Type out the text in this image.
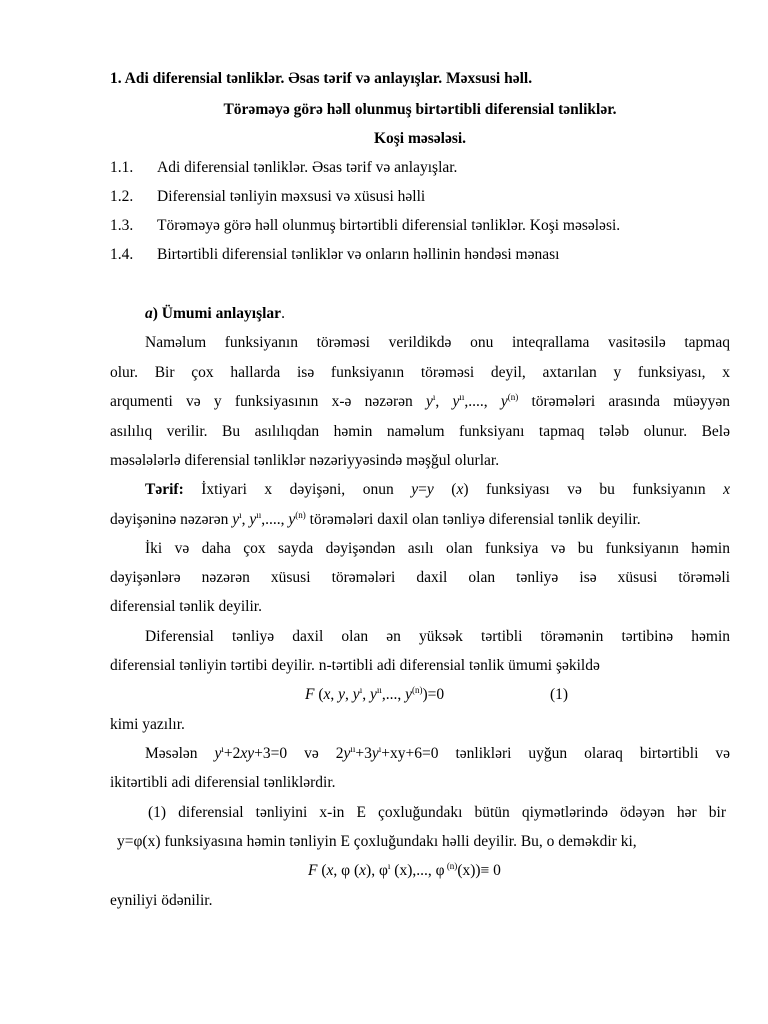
1. Adi diferensial tənliklər. Əsas tərif və anlayışlar. Məxsusi həll.

Törəməyə görə həll olunmuş birtərtibli diferensial tənliklər.

Koşi məsələsi.

1.1. Adi diferensial tənliklər. Əsas tərif və anlayışlar.
1.2. Diferensial tənliyin məxsusi və xüsusi həlli
1.3. Törəməyə görə həll olunmuş birtərtibli diferensial tənliklər. Koşi məsələsi.
1.4. Birtərtibli diferensial tənliklər və onların həllinin həndəsi mənası

a) Ümumi anlayışlar.

Naməlum funksiyanın törəməsi verildikdə onu inteqrallama vasitəsilə tapmaq

olur. Bir çox hallarda isə funksiyanın törəməsi deyil, axtarılan y funksiyası, x

arqumenti və y funksiyasının x-ə nəzərən $y^ı$, $y^{ıı}$,...., $y^{(n)}$ törəmələri arasında müəyyən

asılılıq verilir. Bu asılılıqdan həmin naməlum funksiyanı tapmaq tələb olunur. Belə

məsələlərlə diferensial tənliklər nəzəriyyəsində məşğul olurlar.

Tərif: İxtiyari x dəyişəni, onun y=y (x) funksiyası və bu funksiyanın x

dəyişəninə nəzərən $y^ı$, $y^{ıı}$,...., $y^{(n)}$ törəmələri daxil olan tənliyə diferensial tənlik deyilir.

İki və daha çox sayda dəyişəndən asılı olan funksiya və bu funksiyanın həmin

dəyişənlərə nəzərən xüsusi törəmələri daxil olan tənliyə isə xüsusi törəməli

diferensial tənlik deyilir.

Diferensial tənliyə daxil olan ən yüksək tərtibli törəmənin tərtibinə həmin

diferensial tənliyin tərtibi deyilir. n-tərtibli adi diferensial tənlik ümumi şəkildə

F (x, y, $y^ı$, $y^{ıı}$,..., $y^{(n)})=0$	(1)

kimi yazılır.

Məsələn $y^ı+2xy+3=0$ və $2y^{ıı}+3y^ı+xy+6=0$ tənlikləri uyğun olaraq birtərtibli və

ikitərtibli adi diferensial tənliklərdir.

(1) diferensial tənliyini x-in E çoxluğundakı bütün qiymətlərində ödəyən hər bir

y=φ(x) funksiyasına həmin tənliyin E çoxluğundakı həlli deyilir. Bu, o deməkdir ki,

F (x, φ (x), $\varphi^ı$ (x),..., φ $^{(n)}$(x))≡ 0

eyniliyi ödənilir.
